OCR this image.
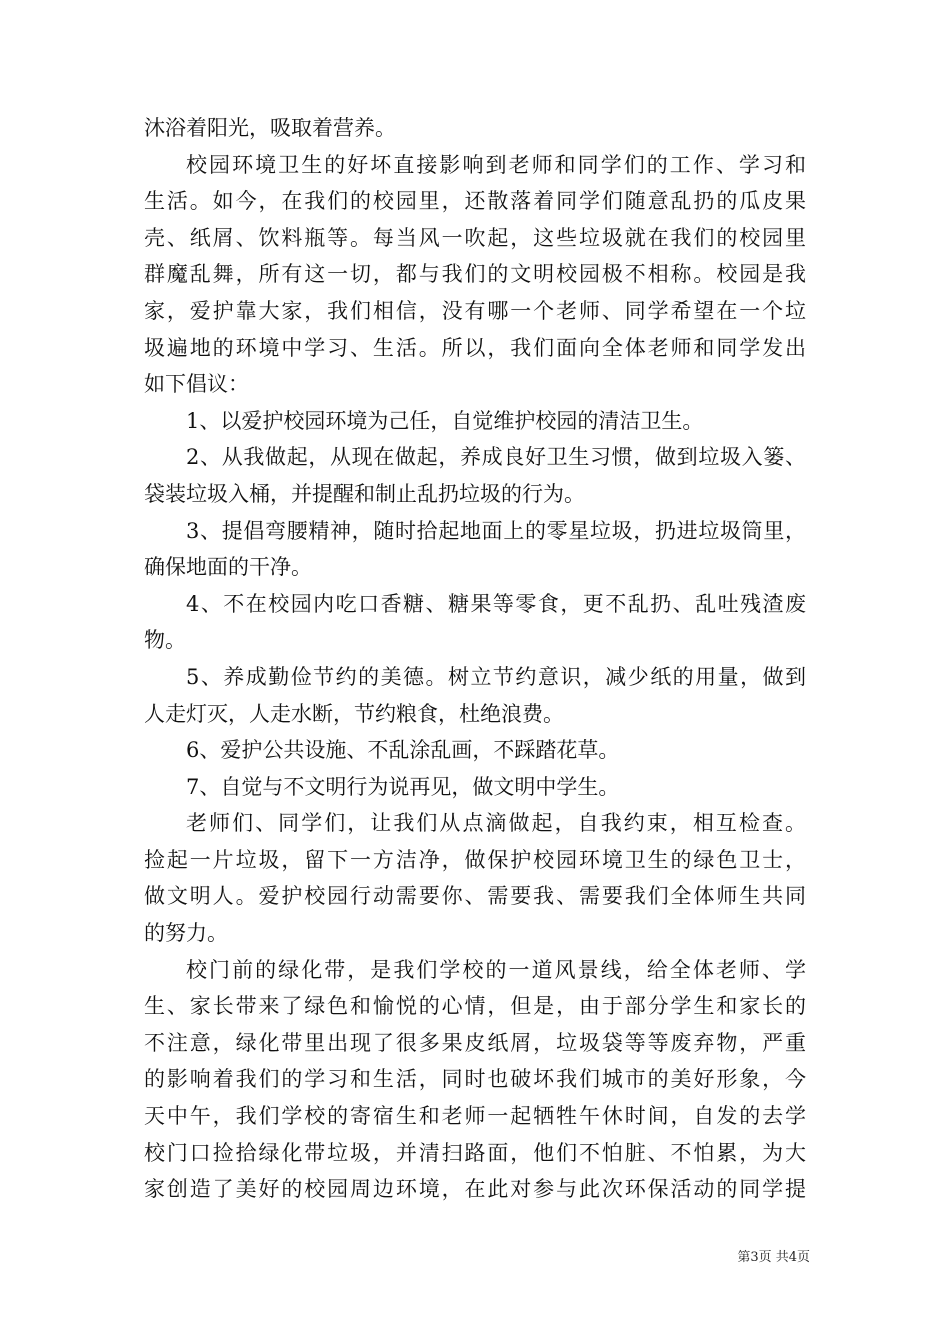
沐浴着阳光，吸取着营养。
校园环境卫生的好坏直接影响到老师和同学们的工作、学习和
生活。如今，在我们的校园里，还散落着同学们随意乱扔的瓜皮果
壳、纸屑、饮料瓶等。每当风一吹起，这些垃圾就在我们的校园里
群魔乱舞，所有这一切，都与我们的文明校园极不相称。校园是我
家，爱护靠大家，我们相信，没有哪一个老师、同学希望在一个垃
圾遍地的环境中学习、生活。所以，我们面向全体老师和同学发出
如下倡议：
1、以爱护校园环境为己任，自觉维护校园的清洁卫生。
2、从我做起，从现在做起，养成良好卫生习惯，做到垃圾入篓、
袋装垃圾入桶，并提醒和制止乱扔垃圾的行为。
3、提倡弯腰精神，随时拾起地面上的零星垃圾，扔进垃圾筒里，
确保地面的干净。
4、不在校园内吃口香糖、糖果等零食，更不乱扔、乱吐残渣废
物。
5、养成勤俭节约的美德。树立节约意识，减少纸的用量，做到
人走灯灭，人走水断，节约粮食，杜绝浪费。
6、爱护公共设施、不乱涂乱画，不踩踏花草。
7、自觉与不文明行为说再见，做文明中学生。
老师们、同学们，让我们从点滴做起，自我约束，相互检查。
捡起一片垃圾，留下一方洁净，做保护校园环境卫生的绿色卫士，
做文明人。爱护校园行动需要你、需要我、需要我们全体师生共同
的努力。
校门前的绿化带，是我们学校的一道风景线，给全体老师、学
生、家长带来了绿色和愉悦的心情，但是，由于部分学生和家长的
不注意，绿化带里出现了很多果皮纸屑，垃圾袋等等废弃物，严重
的影响着我们的学习和生活，同时也破坏我们城市的美好形象，今
天中午，我们学校的寄宿生和老师一起牺牲午休时间，自发的去学
校门口捡拾绿化带垃圾，并清扫路面，他们不怕脏、不怕累，为大
家创造了美好的校园周边环境，在此对参与此次环保活动的同学提
第3页 共4页
